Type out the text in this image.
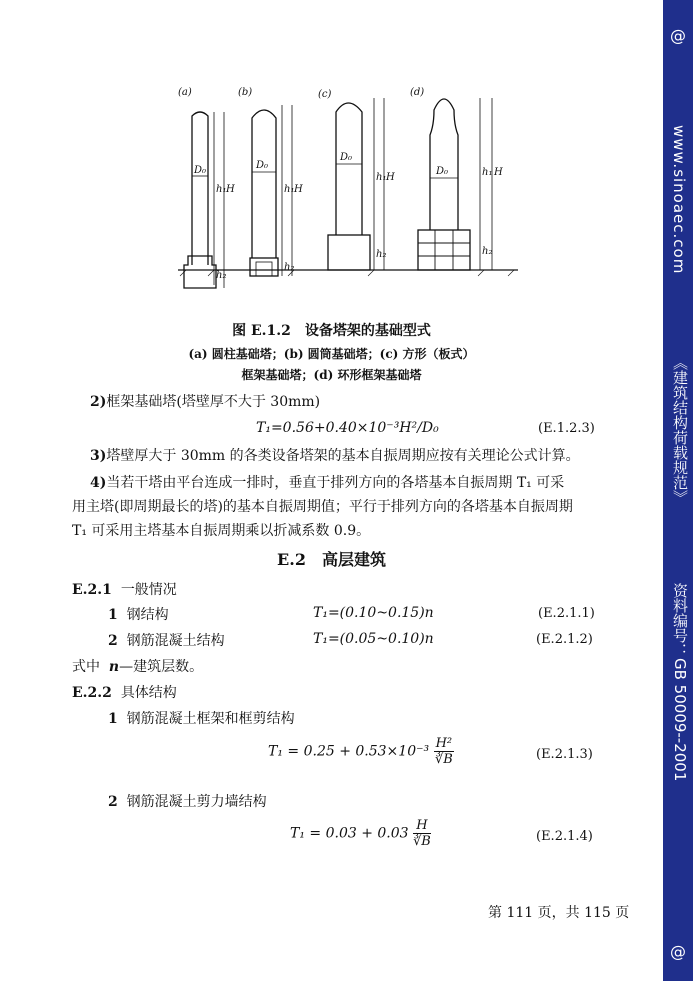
@
www.sinoaec.com
《建筑结构荷载规范》
资料编号：GB 50009--2001
@
(a)
h₁ H
h₂
D₀
(b)
h₁ H
h₂
D₀
(c)
h₁ H
h₂
D₀
(d)
h₁ H
h₂
D₀
图 E.1.2　设备塔架的基础型式
(a) 圆柱基础塔；(b) 圆筒基础塔；(c) 方形（板式）
框架基础塔；(d) 环形框架基础塔
2)框架基础塔(塔壁厚不大于 30mm)
T₁=0.56+0.40×10⁻³H²/D₀	(E.1.2.3)
3)塔壁厚大于 30mm 的各类设备塔架的基本自振周期应按有关理论公式计算。
4)当若干塔由平台连成一排时，垂直于排列方向的各塔基本自振周期 T₁ 可采
用主塔(即周期最长的塔)的基本自振周期值；平行于排列方向的各塔基本自振周期
T₁ 可采用主塔基本自振周期乘以折减系数 0.9。
E.2　高层建筑
E.2.1 一般情况
1 钢结构	T₁=(0.10~0.15)n	(E.2.1.1)
2 钢筋混凝土结构	T₁=(0.05~0.10)n	(E.2.1.2)
式中 n—建筑层数。
E.2.2 具体结构
1 钢筋混凝土框架和框剪结构
$T_1 = 0.25 + 0.53\times 10^{-3} \frac{\text{H²}}{∛B}$	(E.2.1.3)
2 钢筋混凝土剪力墙结构
$T_1 = 0.03 + 0.03 \frac{H}{∛B}$	(E.2.1.4)
第 111 页，共 115 页
